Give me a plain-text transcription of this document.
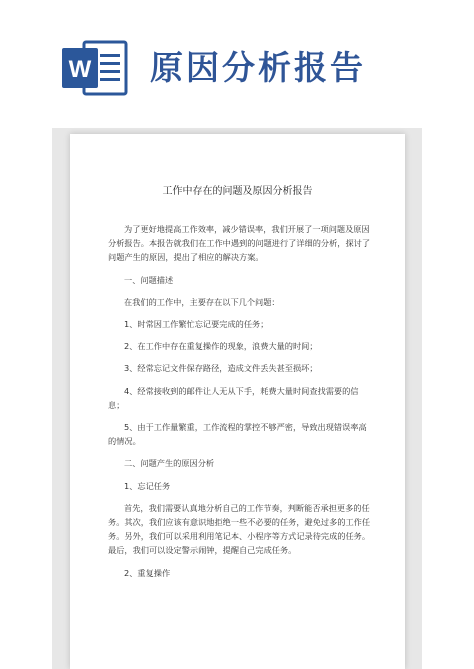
W 原因分析报告
工作中存在的问题及原因分析报告

为了更好地提高工作效率，减少错误率，我们开展了一项问题及原因分析报告。本报告就我们在工作中遇到的问题进行了详细的分析，探讨了问题产生的原因，提出了相应的解决方案。

一、问题描述

在我们的工作中，主要存在以下几个问题：

1、时常因工作繁忙忘记要完成的任务；

2、在工作中存在重复操作的现象，浪费大量的时间；

3、经常忘记文件保存路径，造成文件丢失甚至损坏；

4、经常接收到的邮件让人无从下手，耗费大量时间查找需要的信息；

5、由于工作量繁重，工作流程的掌控不够严密，导致出现错误率高的情况。

二、问题产生的原因分析

1、忘记任务

首先，我们需要认真地分析自己的工作节奏，判断能否承担更多的任务。其次，我们应该有意识地拒绝一些不必要的任务，避免过多的工作任务。另外，我们可以采用利用笔记本、小程序等方式记录待完成的任务。最后，我们可以设定警示闹钟，提醒自己完成任务。

2、重复操作
